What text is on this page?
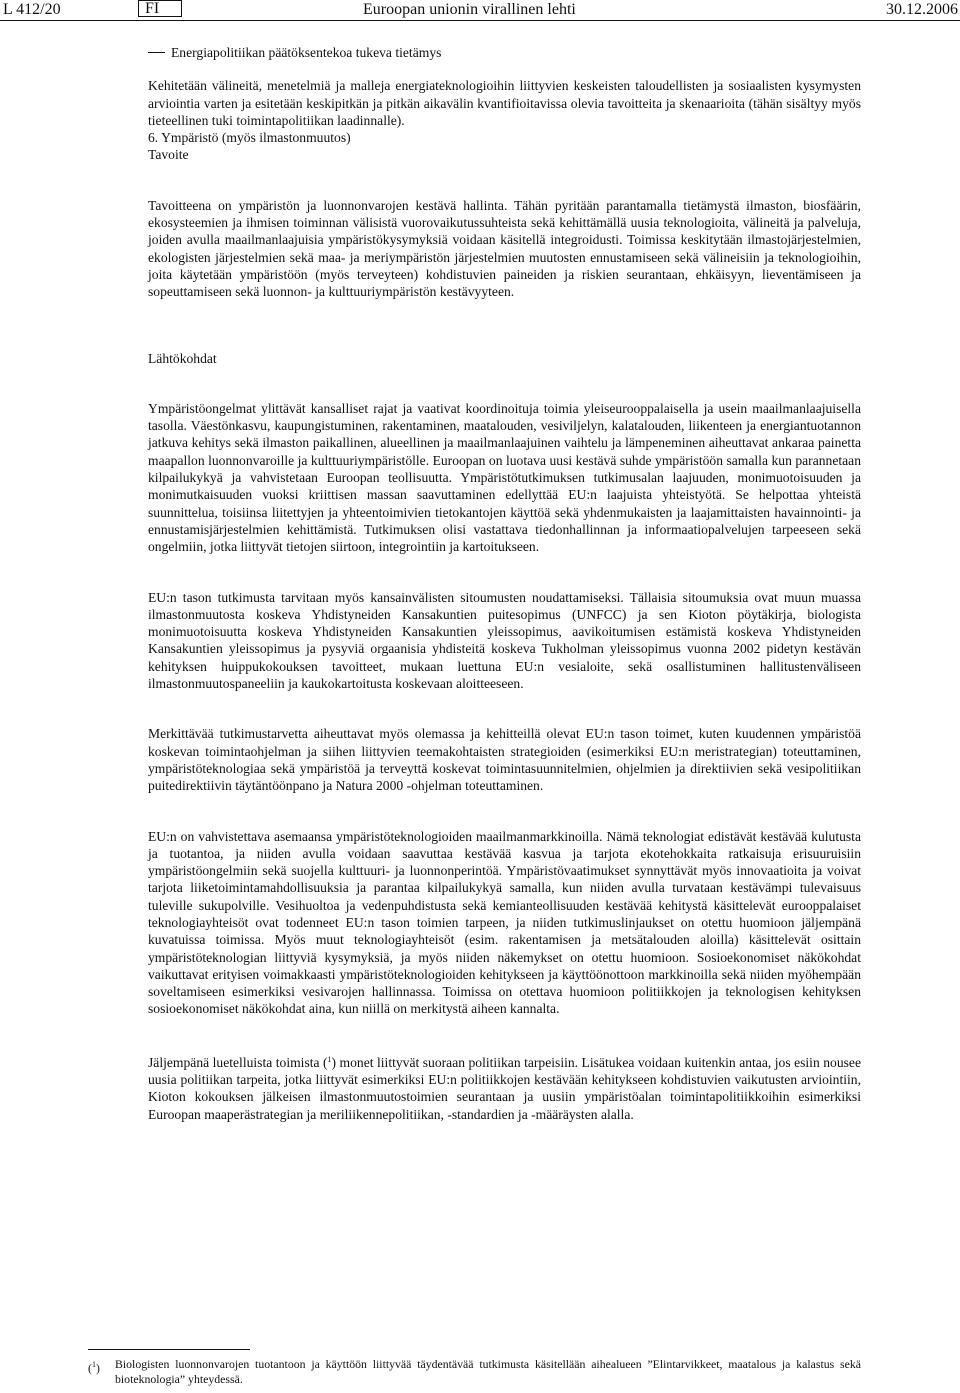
L 412/20	FI	Euroopan unionin virallinen lehti	30.12.2006

Energiapolitiikan päätöksentekoa tukeva tietämys

Kehitetään välineitä, menetelmiä ja malleja energiateknologioihin liittyvien keskeisten taloudellisten ja sosiaalisten kysymysten arviointia varten ja esitetään keskipitkän ja pitkän aikavälin kvantifioitavissa olevia tavoitteita ja skenaarioita (tähän sisältyy myös tieteellinen tuki toimintapolitiikan laadinnalle).

6. Ympäristö (myös ilmastonmuutos)

Tavoite

Tavoitteena on ympäristön ja luonnonvarojen kestävä hallinta. Tähän pyritään parantamalla tietämystä ilmaston, biosfäärin, ekosysteemien ja ihmisen toiminnan välisistä vuorovaikutussuhteista sekä kehittämällä uusia teknologioita, välineitä ja palveluja, joiden avulla maailmanlaajuisia ympäristökysymyksiä voidaan käsitellä integroidusti. Toimissa keskitytään ilmastojärjestelmien, ekologisten järjestelmien sekä maa- ja meriympäristön järjestelmien muutosten ennustamiseen sekä välineisiin ja teknologioihin, joita käytetään ympäristöön (myös terveyteen) kohdistuvien paineiden ja riskien seurantaan, ehkäisyyn, lieventämiseen ja sopeuttamiseen sekä luonnon- ja kulttuuriympäristön kestävyyteen.

Lähtökohdat

Ympäristöongelmat ylittävät kansalliset rajat ja vaativat koordinoituja toimia yleiseurooppalaisella ja usein maailmanlaajuisella tasolla. Väestönkasvu, kaupungistuminen, rakentaminen, maatalouden, vesiviljelyn, kalatalouden, liikenteen ja energiantuotannon jatkuva kehitys sekä ilmaston paikallinen, alueellinen ja maailmanlaajuinen vaihtelu ja lämpeneminen aiheuttavat ankaraa painetta maapallon luonnonvaroille ja kulttuuriympäristölle. Euroopan on luotava uusi kestävä suhde ympäristöön samalla kun parannetaan kilpailukykyä ja vahvistetaan Euroopan teollisuutta. Ympäristötutkimuksen tutkimusalan laajuuden, monimuotoisuuden ja monimutkaisuuden vuoksi kriittisen massan saavuttaminen edellyttää EU:n laajuista yhteistyötä. Se helpottaa yhteistä suunnittelua, toisiinsa liitettyjen ja yhteentoimivien tietokantojen käyttöä sekä yhdenmukaisten ja laajamittaisten havainnointi- ja ennustamisjärjestelmien kehittämistä. Tutkimuksen olisi vastattava tiedonhallinnan ja informaatiopalvelujen tarpeeseen sekä ongelmiin, jotka liittyvät tietojen siirtoon, integrointiin ja kartoitukseen.

EU:n tason tutkimusta tarvitaan myös kansainvälisten sitoumusten noudattamiseksi. Tällaisia sitoumuksia ovat muun muassa ilmastonmuutosta koskeva Yhdistyneiden Kansakuntien puitesopimus (UNFCC) ja sen Kioton pöytäkirja, biologista monimuotoisuutta koskeva Yhdistyneiden Kansakuntien yleissopimus, aavikoitumisen estämistä koskeva Yhdistyneiden Kansakuntien yleissopimus ja pysyviä orgaanisia yhdisteitä koskeva Tukholman yleissopimus vuonna 2002 pidetyn kestävän kehityksen huippukokouksen tavoitteet, mukaan luettuna EU:n vesialoite, sekä osallistuminen hallitustenväliseen ilmastonmuutospaneeliin ja kaukokartoitusta koskevaan aloitteeseen.

Merkittävää tutkimustarvetta aiheuttavat myös olemassa ja kehitteillä olevat EU:n tason toimet, kuten kuudennen ympäristöä koskevan toimintaohjelman ja siihen liittyvien teemakohtaisten strategioiden (esimerkiksi EU:n meristrategian) toteuttaminen, ympäristöteknologiaa sekä ympäristöä ja terveyttä koskevat toimintasuunnitelmien, ohjelmien ja direktiivien sekä vesipolitiikan puitedirektiivin täytäntöönpano ja Natura 2000 -ohjelman toteuttaminen.

EU:n on vahvistettava asemaansa ympäristöteknologioiden maailmanmarkkinoilla. Nämä teknologiat edistävät kestävää kulutusta ja tuotantoa, ja niiden avulla voidaan saavuttaa kestävää kasvua ja tarjota ekotehokkaita ratkaisuja erisuuruisiin ympäristöongelmiin sekä suojella kulttuuri- ja luonnonperintöä. Ympäristövaatimukset synnyttävät myös innovaatioita ja voivat tarjota liiketoimintamahdollisuuksia ja parantaa kilpailukykyä samalla, kun niiden avulla turvataan kestävämpi tulevaisuus tuleville sukupolville. Vesihuoltoa ja vedenpuhdistusta sekä kemianteollisuuden kestävää kehitystä käsittelevät eurooppalaiset teknologiayhteisöt ovat todenneet EU:n tason toimien tarpeen, ja niiden tutkimuslinjaukset on otettu huomioon jäljempänä kuvatuissa toimissa. Myös muut teknologiayhteisöt (esim. rakentamisen ja metsätalouden aloilla) käsittelevät osittain ympäristöteknologian liittyviä kysymyksiä, ja myös niiden näkemykset on otettu huomioon. Sosioekonomiset näkökohdat vaikuttavat erityisen voimakkaasti ympäristöteknologioiden kehitykseen ja käyttöönottoon markkinoilla sekä niiden myöhempään soveltamiseen esimerkiksi vesivarojen hallinnassa. Toimissa on otettava huomioon politiikkojen ja teknologisen kehityksen sosioekonomiset näkökohdat aina, kun niillä on merkitystä aiheen kannalta.

Jäljempänä luetelluista toimista ($^1$) monet liittyvät suoraan politiikan tarpeisiin. Lisätukea voidaan kuitenkin antaa, jos esiin nousee uusia politiikan tarpeita, jotka liittyvät esimerkiksi EU:n politiikkojen kestävään kehitykseen kohdistuvien vaikutusten arviointiin, Kioton kokouksen jälkeisen ilmastonmuutostoimien seurantaan ja uusiin ympäristöalan toimintapolitiikkoihin esimerkiksi Euroopan maaperästrategian ja meriliikennepolitiikan, -standardien ja -määräysten alalla.

($^1$) Biologisten luonnonvarojen tuotantoon ja käyttöön liittyvää täydentävää tutkimusta käsitellään aihealueen ”Elintarvikkeet, maatalous ja kalastus sekä bioteknologia” yhteydessä.
